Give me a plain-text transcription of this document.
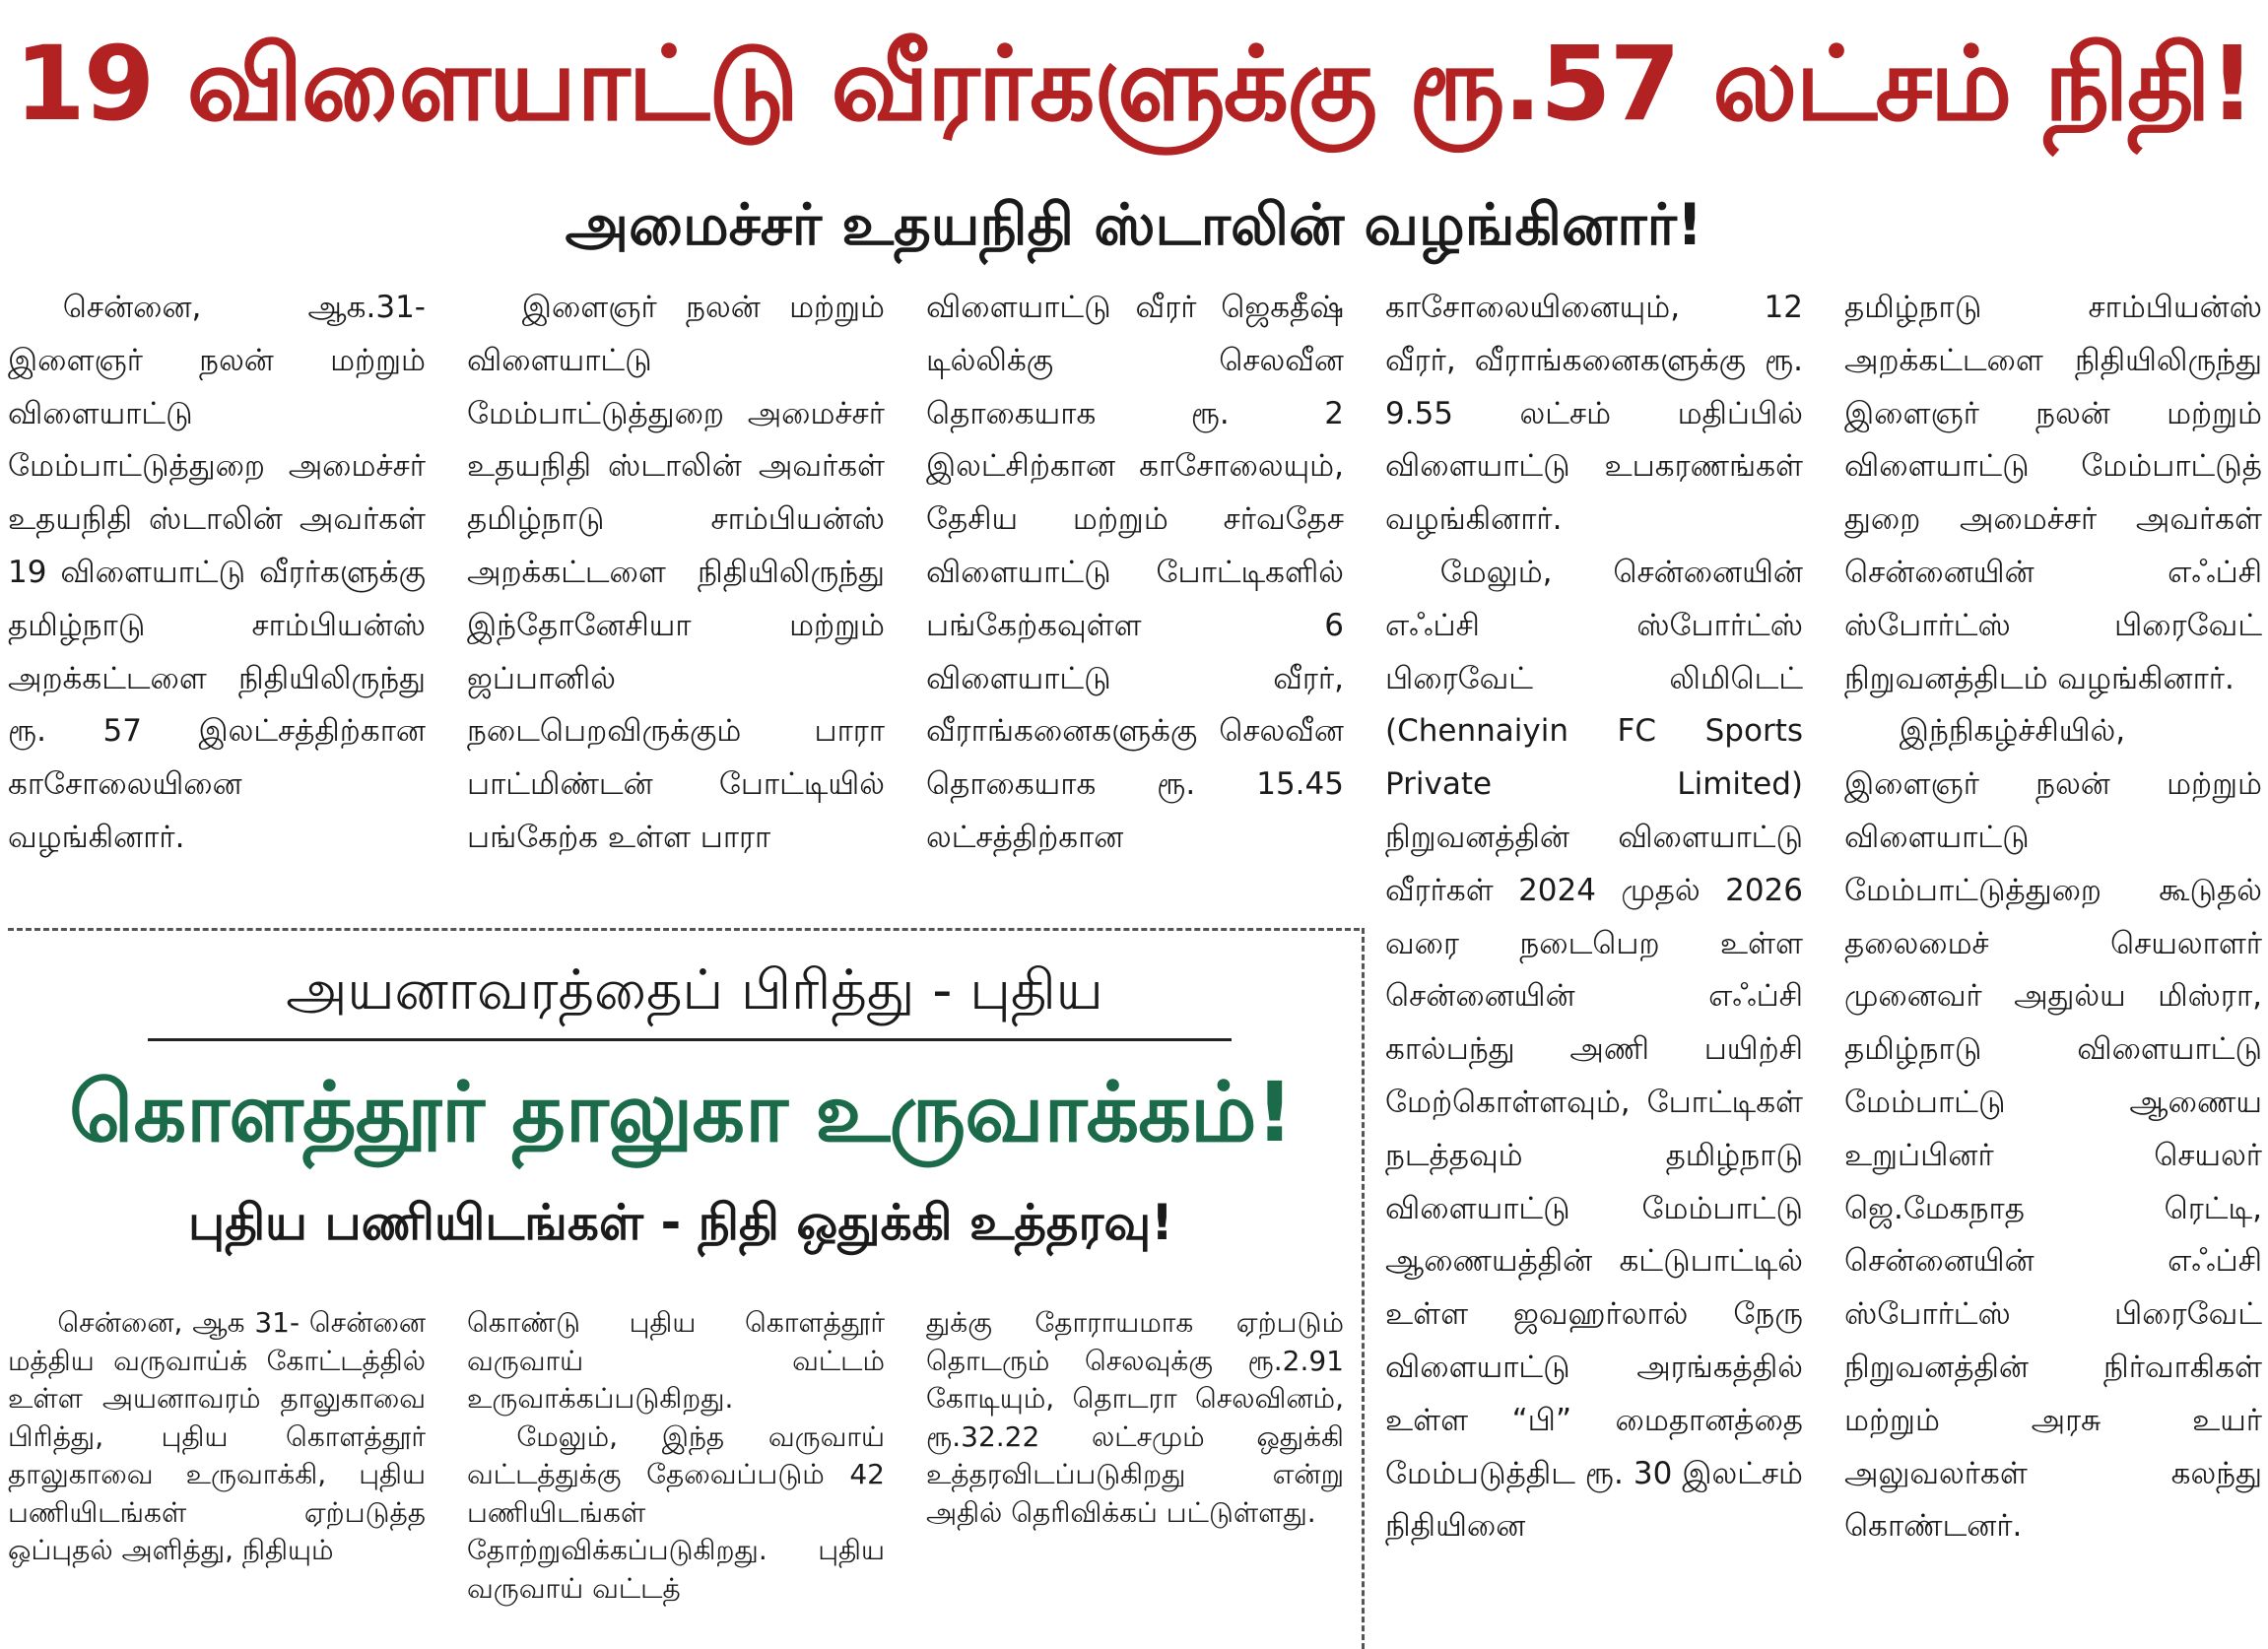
19 விளையாட்டு வீரர்களுக்கு ரூ.57 லட்சம் நிதி!
அமைச்சர் உதயநிதி ஸ்டாலின் வழங்கினார்!

சென்னை, ஆக.31- இளைஞர் நலன் மற்றும் விளையாட்டு மேம்பாட்டுத்துறை அமைச்சர் உதயநிதி ஸ்டாலின் அவர்கள் 19 விளையாட்டு வீரர்களுக்கு தமிழ்நாடு சாம்பியன்ஸ் அறக்கட்டளை நிதியிலிருந்து ரூ. 57 இலட்சத்திற்கான காசோலையினை வழங்கினார்.

இளைஞர் நலன் மற்றும் விளையாட்டு மேம்பாட்டுத்துறை அமைச்சர் உதயநிதி ஸ்டாலின் அவர்கள் தமிழ்நாடு சாம்பியன்ஸ் அறக்கட்டளை நிதியிலிருந்து இந்தோனேசியா மற்றும் ஜப்பானில் நடைபெறவிருக்கும் பாரா பாட்மிண்டன் போட்டியில் பங்கேற்க உள்ள பாரா

விளையாட்டு வீரர் ஜெகதீஷ் டில்லிக்கு செலவீன தொகையாக ரூ. 2 இலட்சிற்கான காசோலையும், தேசிய மற்றும் சர்வதேச விளையாட்டு போட்டிகளில் பங்கேற்கவுள்ள 6 விளையாட்டு வீரர், வீராங்கனைகளுக்கு செலவீன தொகையாக ரூ. 15.45 லட்சத்திற்கான

காசோலையினையும், 12 வீரர், வீராங்கனைகளுக்கு ரூ. 9.55 லட்சம் மதிப்பில் விளையாட்டு உபகரணங்கள் வழங்கினார்.

மேலும், சென்னையின் எஃப்சி ஸ்போர்ட்ஸ் பிரைவேட் லிமிடெட் (Chennaiyin FC Sports Private Limited) நிறுவனத்தின் விளையாட்டு வீரர்கள் 2024 முதல் 2026 வரை நடைபெற உள்ள சென்னையின் எஃப்சி கால்பந்து அணி பயிற்சி மேற்கொள்ளவும், போட்டிகள் நடத்தவும் தமிழ்நாடு விளையாட்டு மேம்பாட்டு ஆணையத்தின் கட்டுபாட்டில் உள்ள ஜவஹர்லால் நேரு விளையாட்டு அரங்கத்தில் உள்ள “பி” மைதானத்தை மேம்படுத்திட ரூ. 30 இலட்சம் நிதியினை

தமிழ்நாடு சாம்பியன்ஸ் அறக்கட்டளை நிதியிலிருந்து இளைஞர் நலன் மற்றும் விளையாட்டு மேம்பாட்டுத் துறை அமைச்சர் அவர்கள் சென்னையின் எஃப்சி ஸ்போர்ட்ஸ் பிரைவேட் நிறுவனத்திடம் வழங்கினார்.

இந்நிகழ்ச்சியில், இளைஞர் நலன் மற்றும் விளையாட்டு மேம்பாட்டுத்துறை கூடுதல் தலைமைச் செயலாளர் முனைவர் அதுல்ய மிஸ்ரா, தமிழ்நாடு விளையாட்டு மேம்பாட்டு ஆணைய உறுப்பினர் செயலர் ஜெ.மேகநாத ரெட்டி, சென்னையின் எஃப்சி ஸ்போர்ட்ஸ் பிரைவேட் நிறுவனத்தின் நிர்வாகிகள் மற்றும் அரசு உயர் அலுவலர்கள் கலந்து கொண்டனர்.

அயனாவரத்தைப் பிரித்து - புதிய
கொளத்தூர் தாலுகா உருவாக்கம்!
புதிய பணியிடங்கள் - நிதி ஒதுக்கி உத்தரவு!

சென்னை, ஆக 31- சென்னை மத்திய வருவாய்க் கோட்டத்தில் உள்ள அயனாவரம் தாலுகாவை பிரித்து, புதிய கொளத்தூர் தாலுகாவை உருவாக்கி, புதிய பணியிடங்கள் ஏற்படுத்த ஒப்புதல் அளித்து, நிதியும்

கொண்டு புதிய கொளத்தூர் வருவாய் வட்டம் உருவாக்கப்படுகிறது.

மேலும், இந்த வருவாய் வட்டத்துக்கு தேவைப்படும் 42 பணியிடங்கள் தோற்றுவிக்கப்படுகிறது. புதிய வருவாய் வட்டத்

துக்கு தோராயமாக ஏற்படும் தொடரும் செலவுக்கு ரூ.2.91 கோடியும், தொடரா செலவினம், ரூ.32.22 லட்சமும் ஒதுக்கி உத்தரவிடப்படுகிறது என்று அதில் தெரிவிக்கப் பட்டுள்ளது.
